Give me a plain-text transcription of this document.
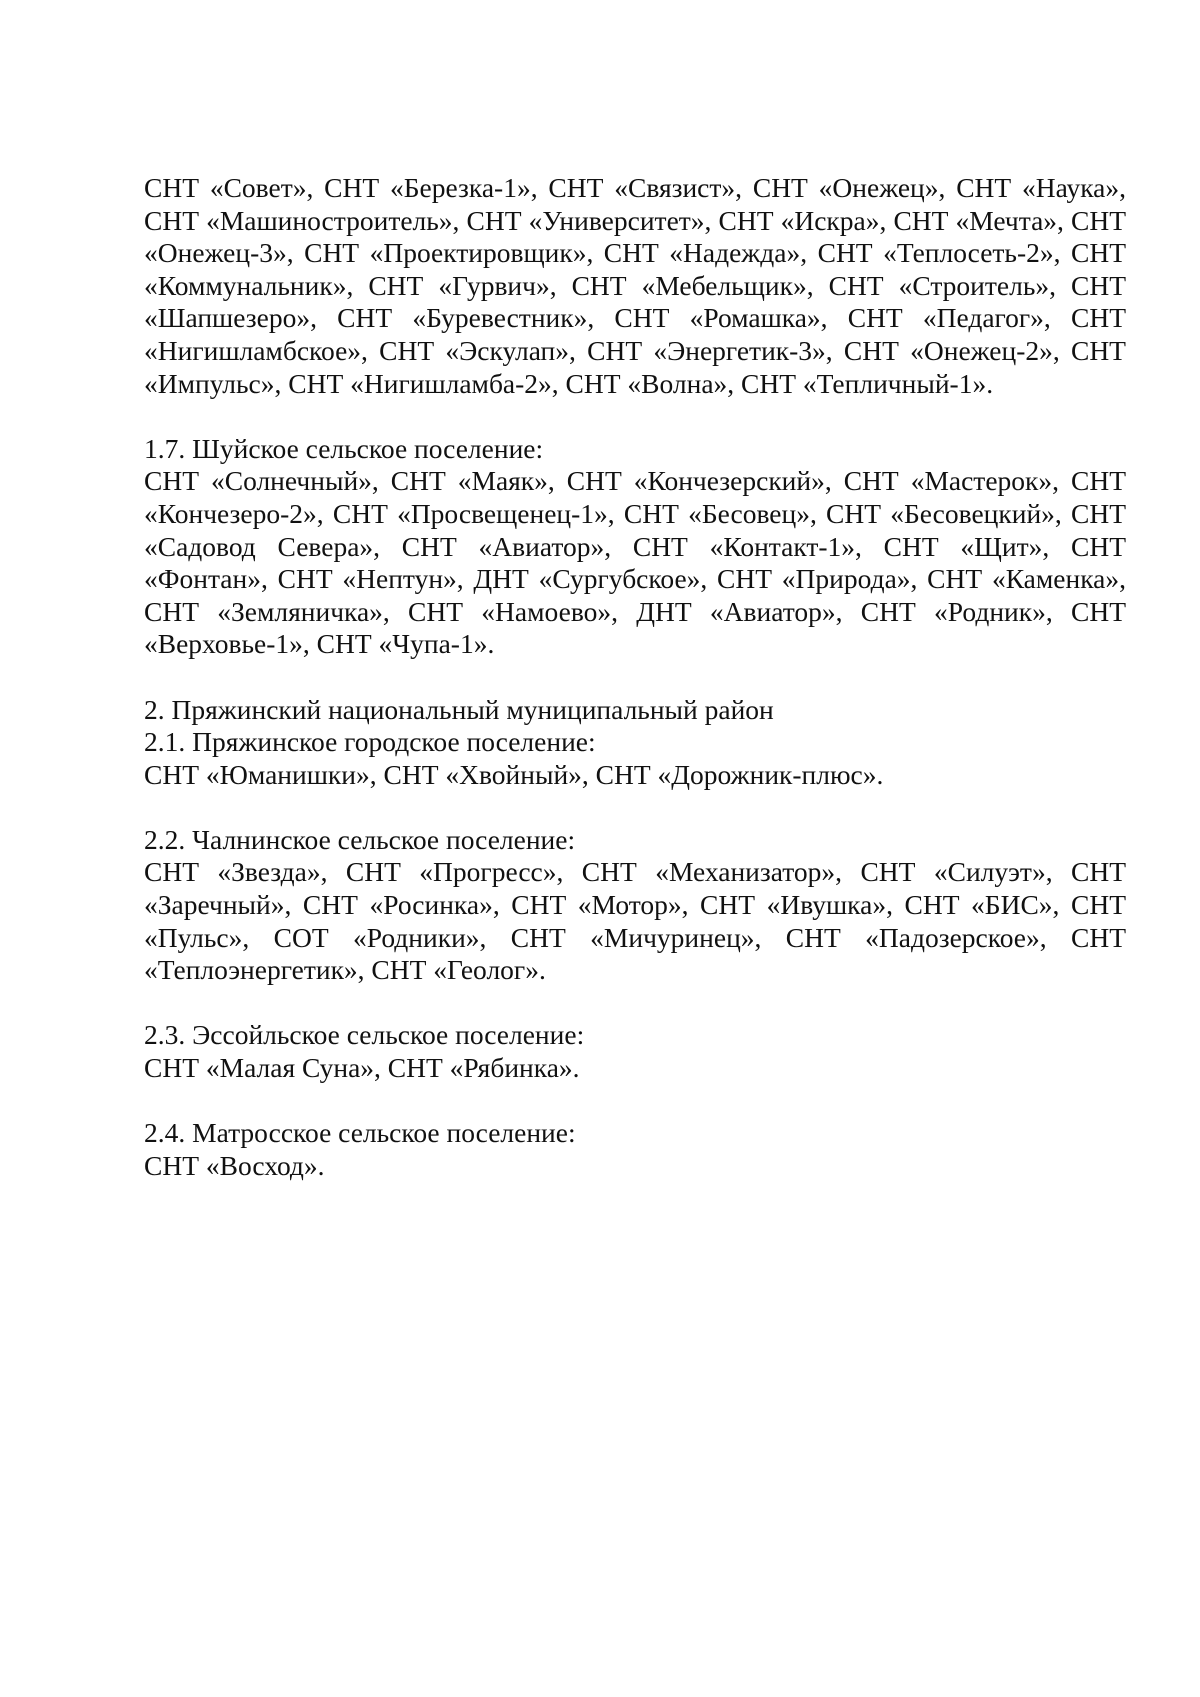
СНТ «Совет», СНТ «Березка-1», СНТ «Связист», СНТ «Онежец», СНТ «Наука», СНТ «Машиностроитель», СНТ «Университет», СНТ «Искра», СНТ «Мечта», СНТ «Онежец-3», СНТ «Проектировщик», СНТ «Надежда», СНТ «Теплосеть-2», СНТ «Коммунальник», СНТ «Гурвич», СНТ «Мебельщик», СНТ «Строитель», СНТ «Шапшезеро», СНТ «Буревестник», СНТ «Ромашка», СНТ «Педагог», СНТ «Нигишламбское», СНТ «Эскулап», СНТ «Энергетик-3», СНТ «Онежец-2», СНТ «Импульс», СНТ «Нигишламба-2», СНТ «Волна», СНТ «Тепличный-1».

1.7. Шуйское сельское поселение:

СНТ «Солнечный», СНТ «Маяк», СНТ «Кончезерский», СНТ «Мастерок», СНТ «Кончезеро-2», СНТ «Просвещенец-1», СНТ «Бесовец», СНТ «Бесовецкий», СНТ «Садовод Севера», СНТ «Авиатор», СНТ «Контакт-1», СНТ «Щит», СНТ «Фонтан», СНТ «Нептун», ДНТ «Сургубское», СНТ «Природа», СНТ «Каменка», СНТ «Земляничка», СНТ «Намоево», ДНТ «Авиатор», СНТ «Родник», СНТ «Верховье-1», СНТ «Чупа-1».

2. Пряжинский национальный муниципальный район

2.1. Пряжинское городское поселение:

СНТ «Юманишки», СНТ «Хвойный», СНТ «Дорожник-плюс».

2.2. Чалнинское сельское поселение:

СНТ «Звезда», СНТ «Прогресс», СНТ «Механизатор», СНТ «Силуэт», СНТ «Заречный», СНТ «Росинка», СНТ «Мотор», СНТ «Ивушка», СНТ «БИС», СНТ «Пульс», СОТ «Родники», СНТ «Мичуринец», СНТ «Падозерское», СНТ «Теплоэнергетик», СНТ «Геолог».

2.3. Эссойльское сельское поселение:

СНТ «Малая Суна», СНТ «Рябинка».

2.4. Матросское сельское поселение:

СНТ «Восход».
